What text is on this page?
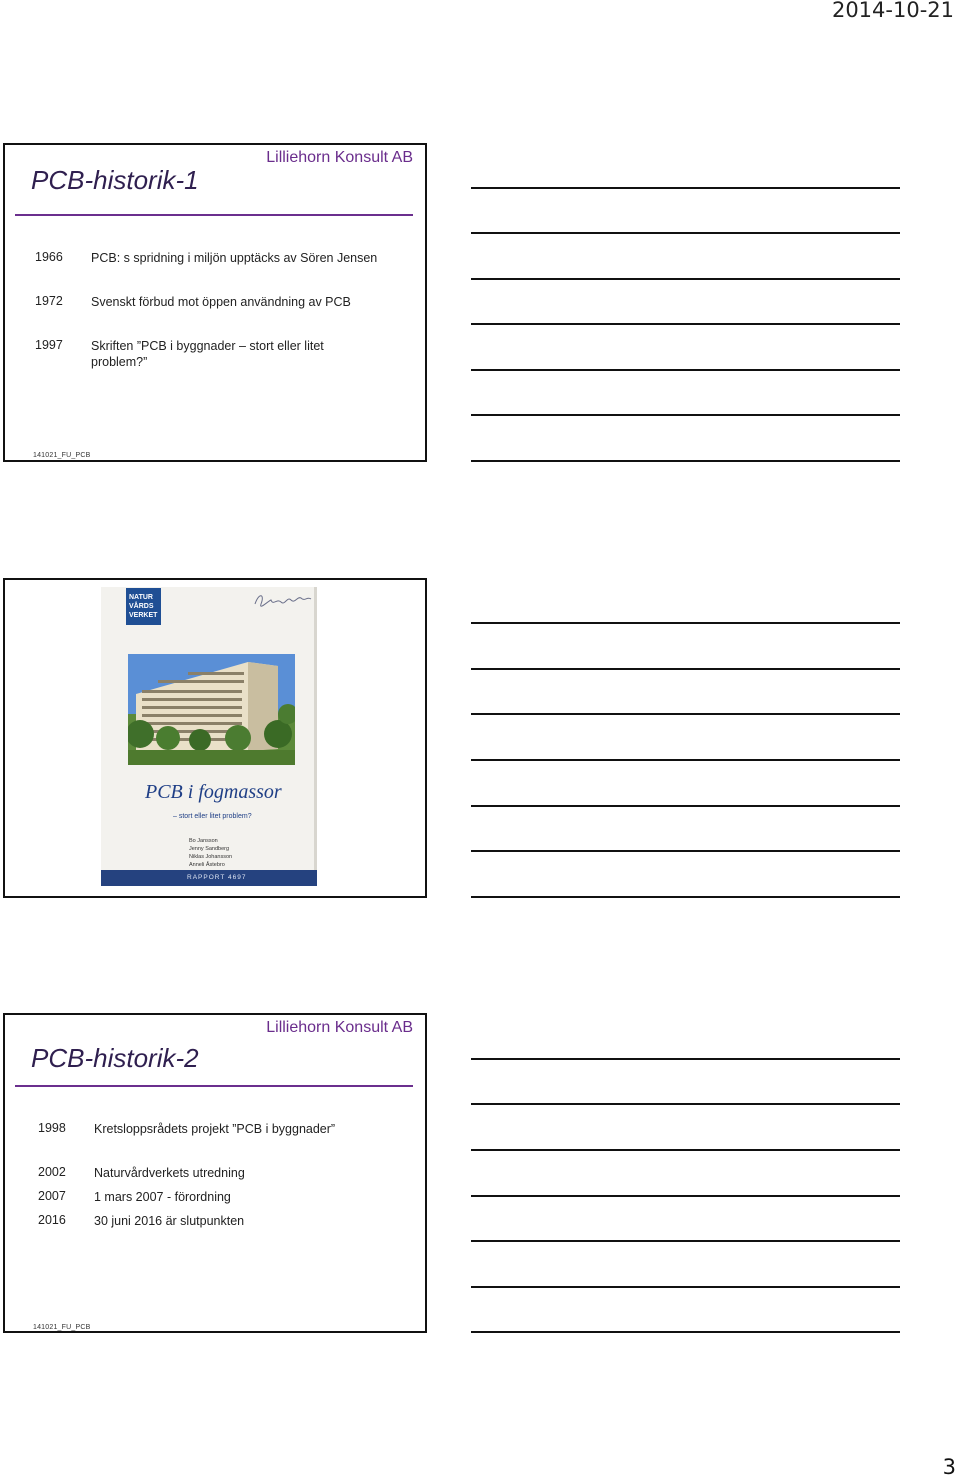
2014-10-21
Lilliehorn Konsult AB
PCB-historik-1
1966	PCB: s spridning i miljön upptäcks av Sören Jensen
1972	Svenskt förbud mot öppen användning av PCB
1997	Skriften ”PCB i byggnader – stort eller litet problem?”
141021_FU_PCB
NATUR VÅRDS VERKET
PCB i fogmassor
– stort eller litet problem?
Bo Jansson
Jenny Sandberg
Niklas Johansson
Anneli Åstebro
RAPPORT 4697
Lilliehorn Konsult AB
PCB-historik-2
1998	Kretsloppsrådets projekt ”PCB i byggnader”
2002	Naturvårdverkets utredning
2007	1 mars 2007 - förordning
2016	30 juni 2016 är slutpunkten
141021_FU_PCB
3
